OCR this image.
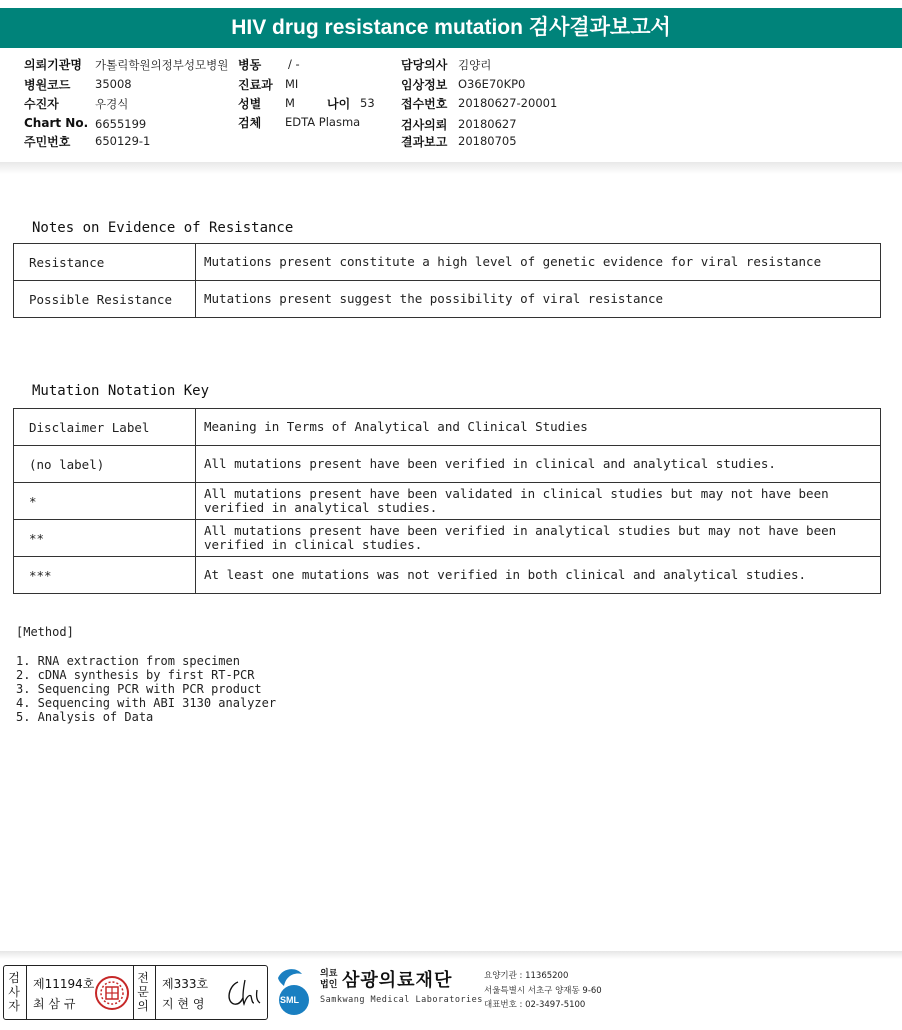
HIV drug resistance mutation 검사결과보고서
의뢰기관명 가톨릭학원의정부성모병원 병동 / -	담당의사 김양리
병원코드 35008	진료과 MI	임상정보 O36E70KP0
수진자	우경식	성별 M	나이 53 접수번호 20180627-20001
Chart No. 6655199	검체 EDTA Plasma	검사의뢰 20180627
주민번호 650129-1	결과보고 20180705
Notes on Evidence of Resistance
Resistance	Mutations present constitute a high level of genetic evidence for viral resistance
Possible Resistance	Mutations present suggest the possibility of viral resistance
Mutation Notation Key
Disclaimer Label	Meaning in Terms of Analytical and Clinical Studies
(no label)	All mutations present have been verified in clinical and analytical studies.
*	All mutations present have been validated in clinical studies but may not have been verified in analytical studies.
**	All mutations present have been verified in analytical studies but may not have been verified in clinical studies.
***	At least one mutations was not verified in both clinical and analytical studies.
[Method]
1. RNA extraction from specimen
2. cDNA synthesis by first RT-PCR
3. Sequencing PCR with PCR product
4. Sequencing with ABI 3130 analyzer
5. Analysis of Data
검
사
자
제11194호
최 삼 규
전
문
의
제333호
지 현 영	SML
의료
법인 삼광의료재단
Samkwang Medical Laboratories
요양기관 : 11365200
서울특별시 서초구 양재동 9-60
대표번호 : 02-3497-5100
